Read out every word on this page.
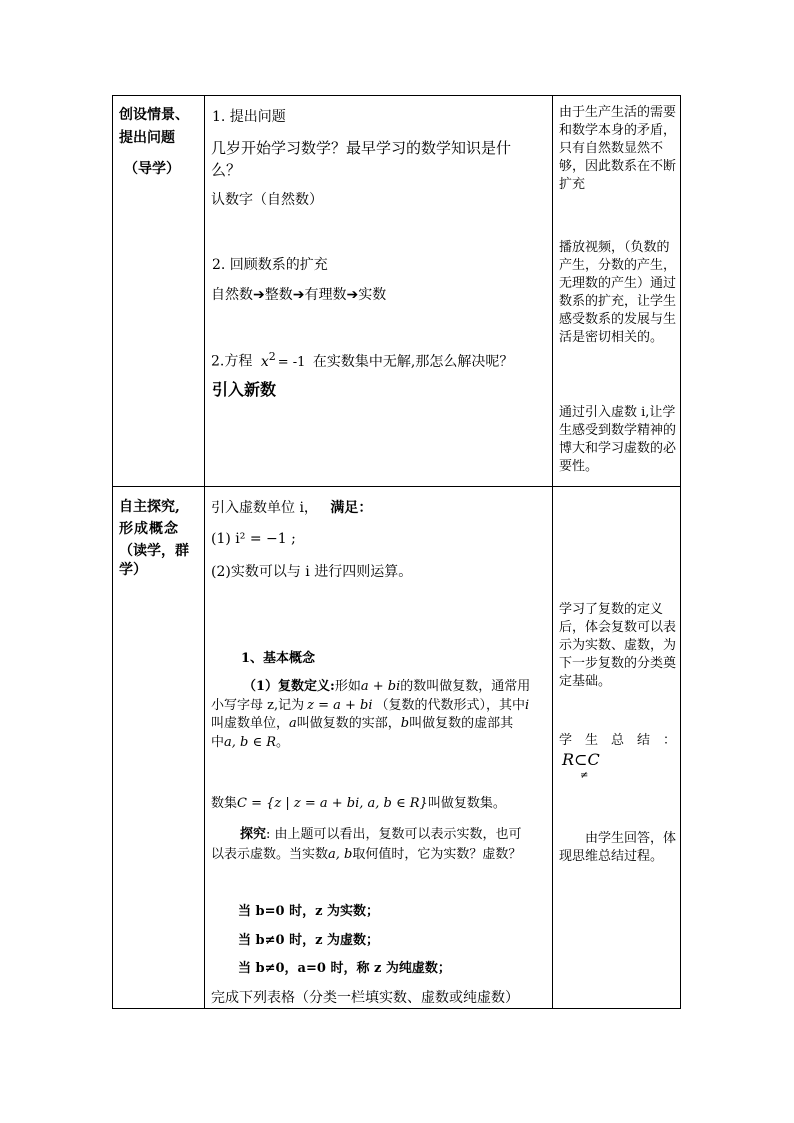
创设情景、
提出问题
（导学）
1. 提出问题
几岁开始学习数学？最早学习的数学知识是什
么？
认数字（自然数）
2. 回顾数系的扩充
自然数➔整数➔有理数➔实数
2.方程 $x^2 = -1$ 在实数集中无解,那怎么解决呢？
引入新数
由于生产生活的需要和数学本身的矛盾，只有自然数显然不够，因此数系在不断扩充
播放视频，（负数的产生，分数的产生，无理数的产生）通过数系的扩充，让学生感受数系的发展与生活是密切相关的。
通过引入虚数 i,让学生感受到数学精神的博大和学习虚数的必要性。
自主探究,
形成概念
（读学，群
学）
引入虚数单位 i， 满足：
(1) i² = −1 ;
(2)实数可以与 i 进行四则运算。
1、基本概念
（1）复数定义:形如a + bi的数叫做复数，通常用
小写字母 z,记为 z = a + bi （复数的代数形式），其中i
叫虚数单位，a叫做复数的实部，b叫做复数的虚部其
中a, b ∈ R。
数集C = {z | z = a + bi, a, b ∈ R}叫做复数集。
探究: 由上题可以看出，复数可以表示实数，也可
以表示虚数。当实数a, b取何值时，它为实数？虚数？
当 b=0 时，z 为实数；
当 b≠0 时，z 为虚数；
当 b≠0，a=0 时，称 z 为纯虚数；
完成下列表格（分类一栏填实数、虚数或纯虚数）
学习了复数的定义后，体会复数可以表示为实数、虚数，为下一步复数的分类奠定基础。
学　生　总　结　：
R⊂C
≠
由学生回答，体现思维总结过程。
